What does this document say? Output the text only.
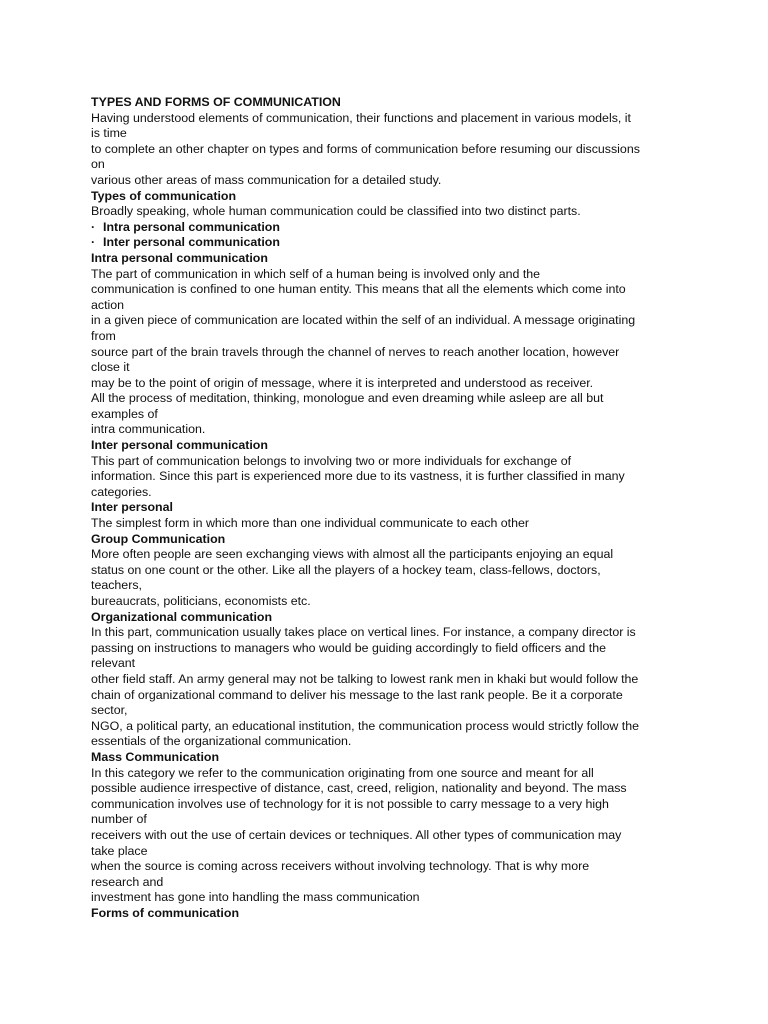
TYPES AND FORMS OF COMMUNICATION
Having understood elements of communication, their functions and placement in various models, it
is time
to complete an other chapter on types and forms of communication before resuming our discussions
on
various other areas of mass communication for a detailed study.
Types of communication
Broadly speaking, whole human communication could be classified into two distinct parts.
· Intra personal communication
· Inter personal communication
Intra personal communication
The part of communication in which self of a human being is involved only and the
communication is confined to one human entity. This means that all the elements which come into
action
in a given piece of communication are located within the self of an individual. A message originating
from
source part of the brain travels through the channel of nerves to reach another location, however
close it
may be to the point of origin of message, where it is interpreted and understood as receiver.
All the process of meditation, thinking, monologue and even dreaming while asleep are all but
examples of
intra communication.
Inter personal communication
This part of communication belongs to involving two or more individuals for exchange of
information. Since this part is experienced more due to its vastness, it is further classified in many
categories.
Inter personal
The simplest form in which more than one individual communicate to each other
Group Communication
More often people are seen exchanging views with almost all the participants enjoying an equal
status on one count or the other. Like all the players of a hockey team, class-fellows, doctors,
teachers,
bureaucrats, politicians, economists etc.
Organizational communication
In this part, communication usually takes place on vertical lines. For instance, a company director is
passing on instructions to managers who would be guiding accordingly to field officers and the
relevant
other field staff. An army general may not be talking to lowest rank men in khaki but would follow the
chain of organizational command to deliver his message to the last rank people. Be it a corporate
sector,
NGO, a political party, an educational institution, the communication process would strictly follow the
essentials of the organizational communication.
Mass Communication
In this category we refer to the communication originating from one source and meant for all
possible audience irrespective of distance, cast, creed, religion, nationality and beyond. The mass
communication involves use of technology for it is not possible to carry message to a very high
number of
receivers with out the use of certain devices or techniques. All other types of communication may
take place
when the source is coming across receivers without involving technology. That is why more
research and
investment has gone into handling the mass communication
Forms of communication
